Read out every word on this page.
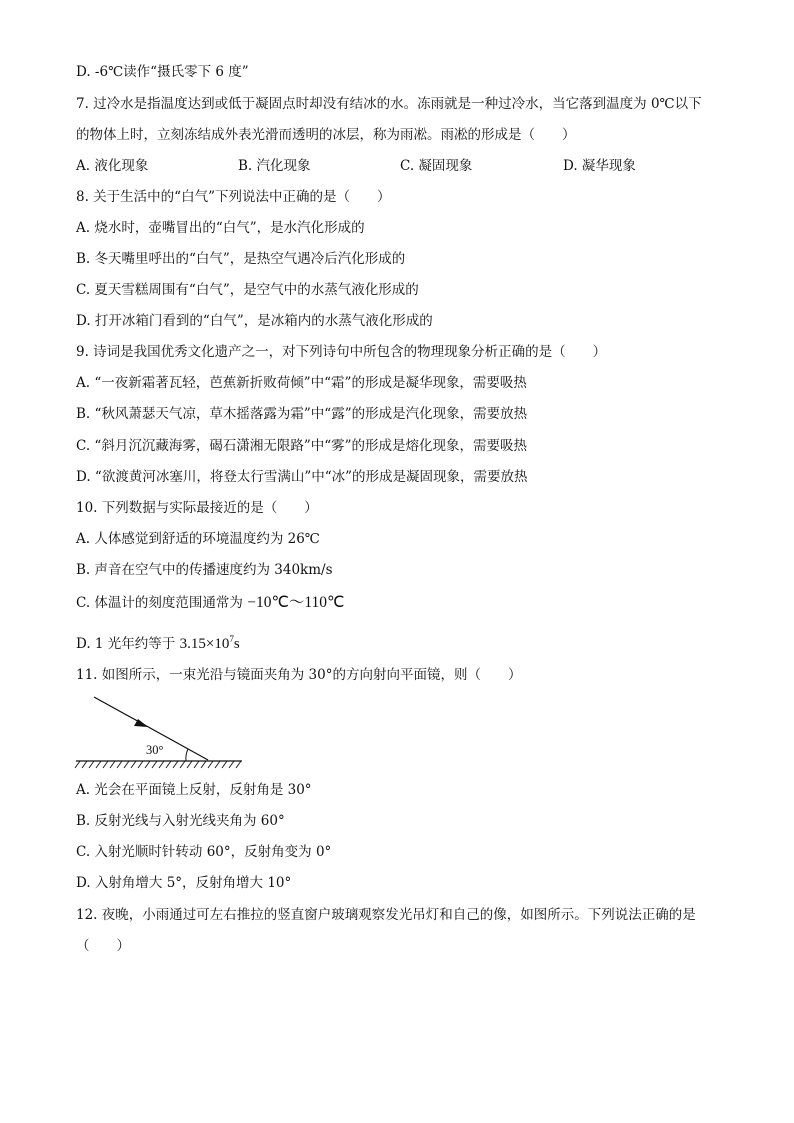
D. -6℃读作“摄氏零下 6 度”
7. 过冷水是指温度达到或低于凝固点时却没有结冰的水。冻雨就是一种过冷水，当它落到温度为 0℃以下
的物体上时，立刻冻结成外表光滑而透明的冰层，称为雨凇。雨凇的形成是（　　）
A. 液化现象	B. 汽化现象	C. 凝固现象	D. 凝华现象
8. 关于生活中的“白气”下列说法中正确的是（　　）
A. 烧水时，壶嘴冒出的“白气”，是水汽化形成的
B. 冬天嘴里呼出的“白气”，是热空气遇冷后汽化形成的
C. 夏天雪糕周围有“白气”，是空气中的水蒸气液化形成的
D. 打开冰箱门看到的“白气”，是冰箱内的水蒸气液化形成的
9. 诗词是我国优秀文化遗产之一，对下列诗句中所包含的物理现象分析正确的是（　　）
A. “一夜新霜著瓦轻，芭蕉新折败荷倾”中“霜”的形成是凝华现象，需要吸热
B. “秋风萧瑟天气凉，草木摇落露为霜”中“露”的形成是汽化现象，需要放热
C. “斜月沉沉藏海雾，碣石潇湘无限路”中“雾”的形成是熔化现象，需要吸热
D. “欲渡黄河冰塞川，将登太行雪满山”中“冰”的形成是凝固现象，需要放热
10. 下列数据与实际最接近的是（　　）
A. 人体感觉到舒适的环境温度约为 26℃
B. 声音在空气中的传播速度约为 340km/s
C. 体温计的刻度范围通常为 −10℃～110℃
D. 1 光年约等于 $3.15\times 10^7s$
11. 如图所示，一束光沿与镜面夹角为 30°的方向射向平面镜，则（　　）
30°
A. 光会在平面镜上反射，反射角是 30°
B. 反射光线与入射光线夹角为 60°
C. 入射光顺时针转动 60°，反射角变为 0°
D. 入射角增大 5°，反射角增大 10°
12. 夜晚，小雨通过可左右推拉的竖直窗户玻璃观察发光吊灯和自己的像，如图所示。下列说法正确的是
（　　）
